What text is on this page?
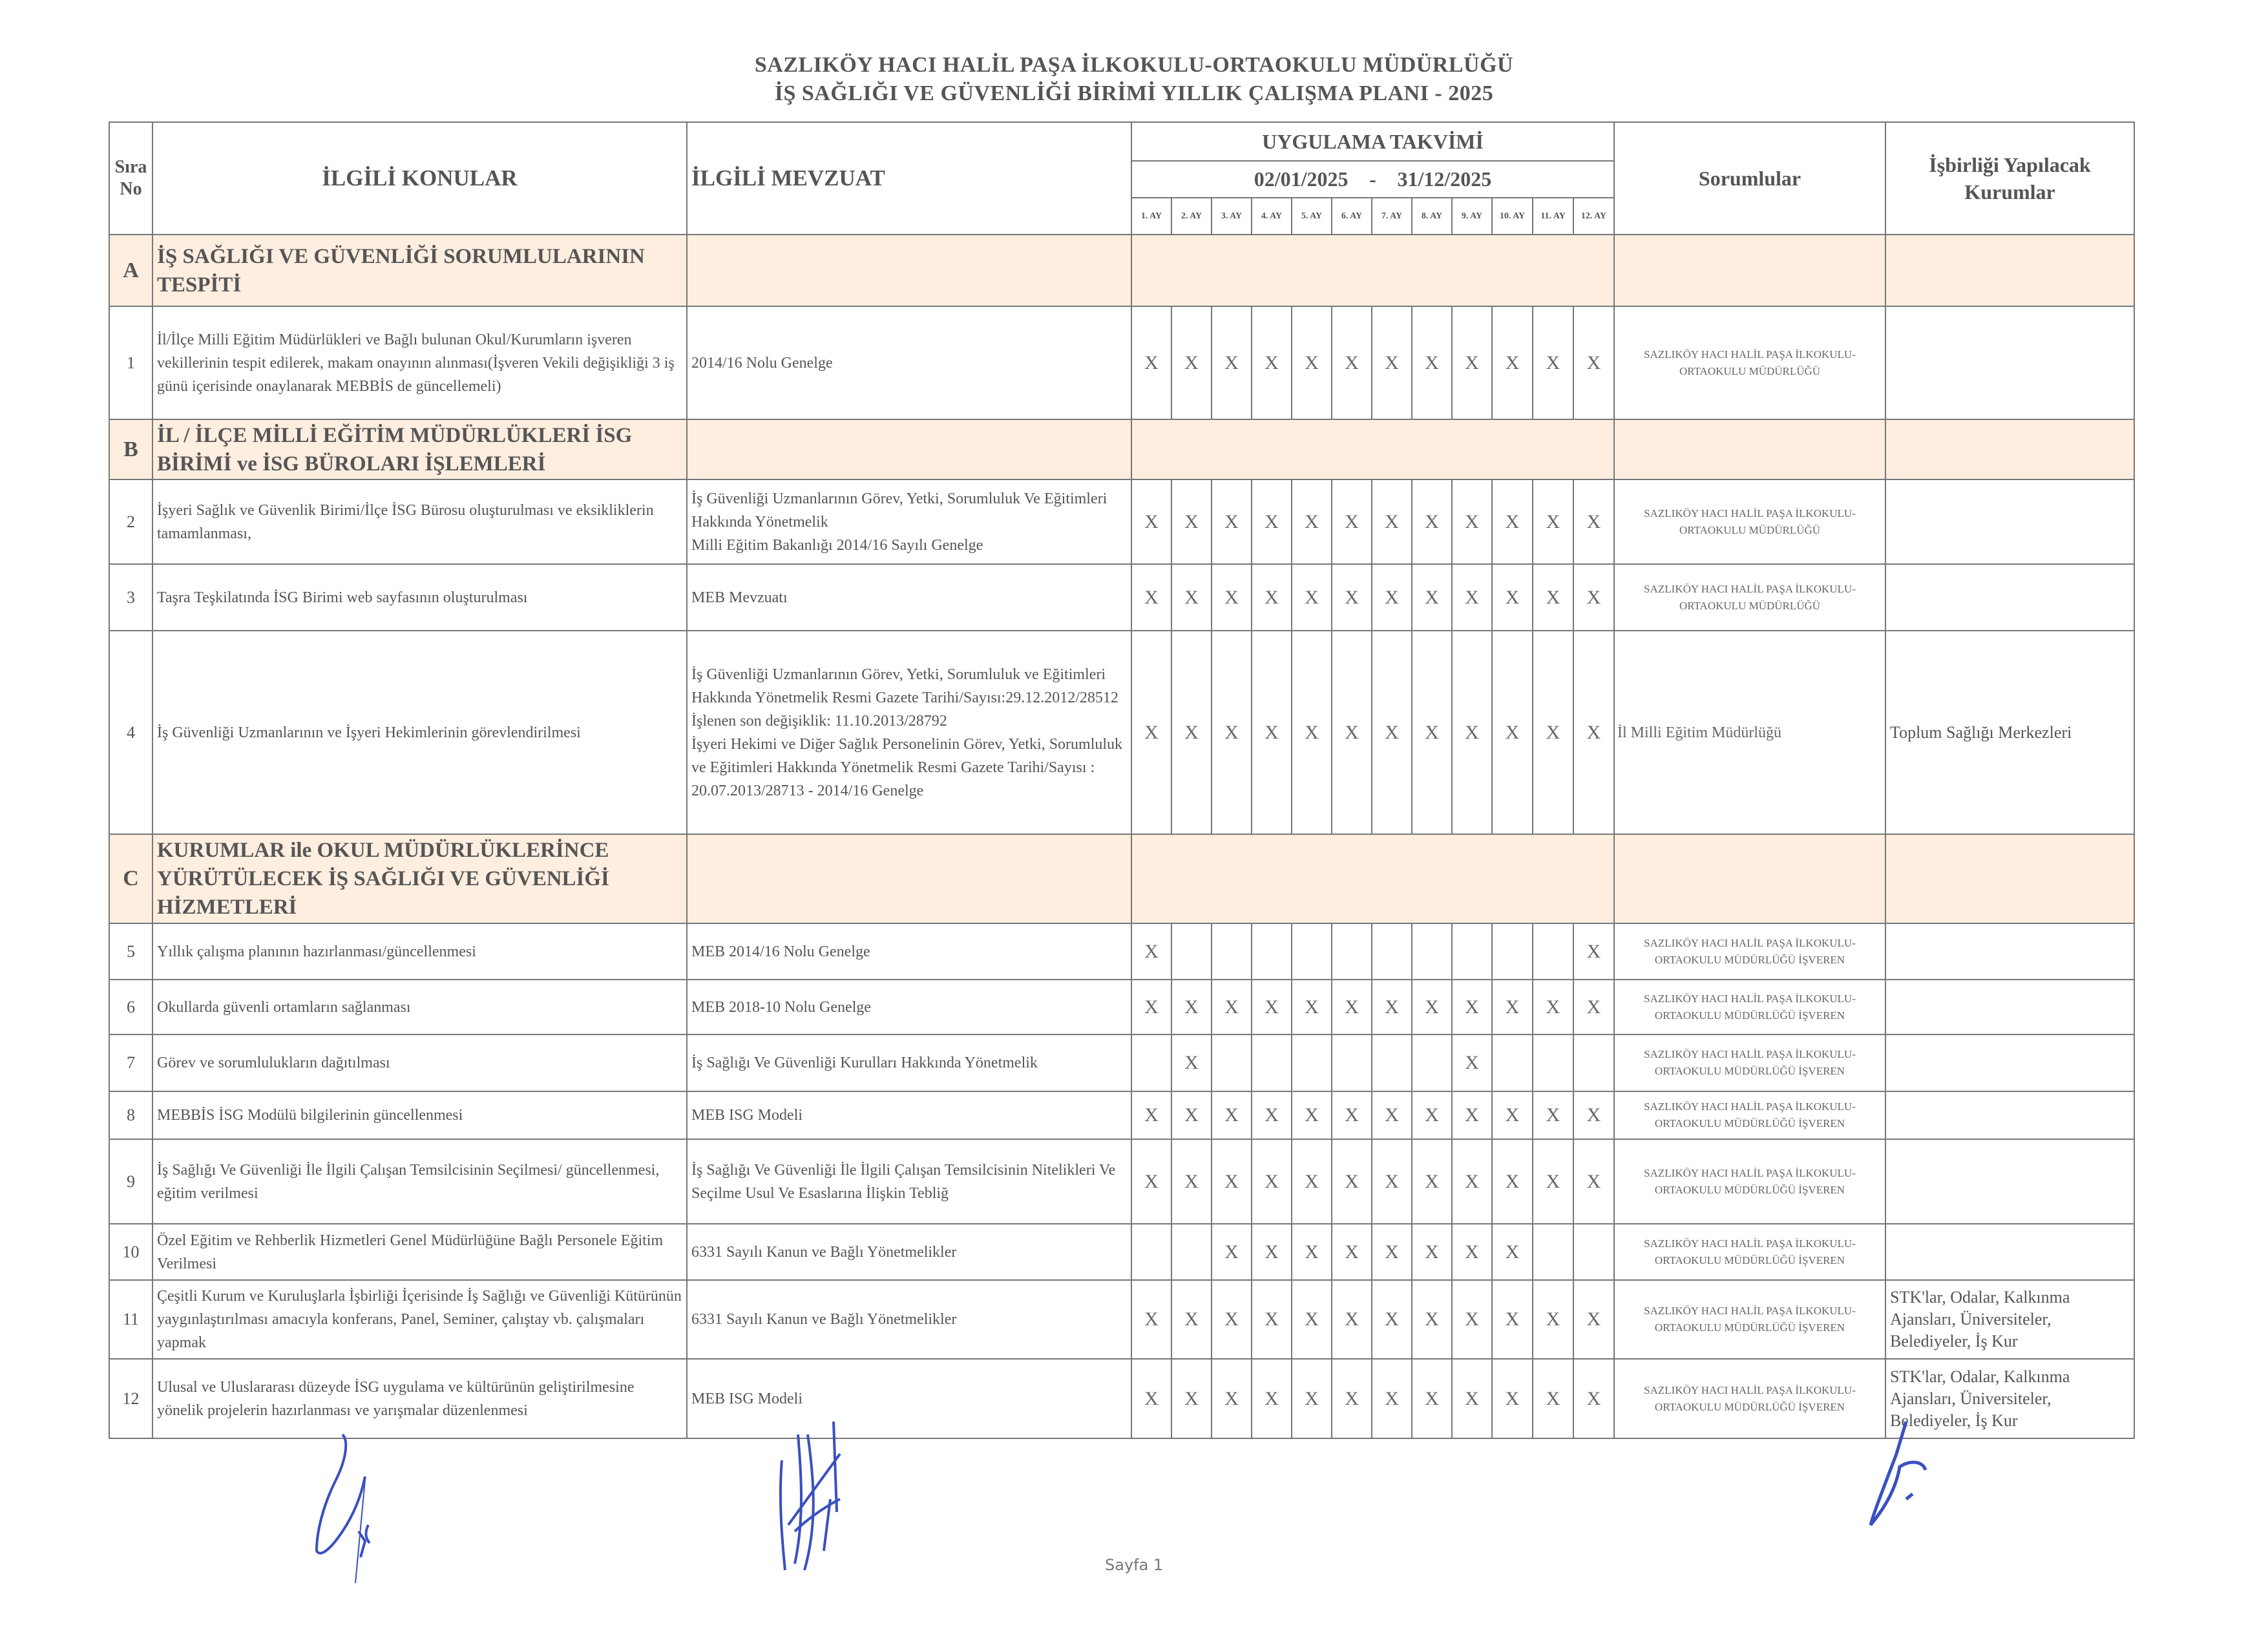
SAZLIKÖY HACI HALİL PAŞA İLKOKULU-ORTAOKULU MÜDÜRLÜĞÜ
İŞ SAĞLIĞI VE GÜVENLİĞİ BİRİMİ YILLIK ÇALIŞMA PLANI - 2025
Sıra No	İLGİLİ KONULAR	İLGİLİ MEVZUAT	UYGULAMA TAKVİMİ												Sorumlular	İşbirliği Yapılacak Kurumlar
			02/01/2025 - 31/12/2025													
			1. AY	2. AY	3. AY	4. AY	5. AY	6. AY	7. AY	8. AY	9. AY	10. AY	11. AY	12. AY		
A	İŞ SAĞLIĞI VE GÜVENLİĞİ SORUMLULARININ TESPİTİ															
1	İl/İlçe Milli Eğitim Müdürlükleri ve Bağlı bulunan Okul/Kurumların işveren vekillerinin tespit edilerek, makam onayının alınması(İşveren Vekili değişikliği 3 iş günü içerisinde onaylanarak MEBBİS de güncellemeli)	2014/16 Nolu Genelge	X	X	X	X	X	X	X	X	X	X	X	X	SAZLIKÖY HACI HALİL PAŞA İLKOKULU-ORTAOKULU MÜDÜRLÜĞÜ	
B	İL / İLÇE MİLLİ EĞİTİM MÜDÜRLÜKLERİ İSG BİRİMİ ve İSG BÜROLARI İŞLEMLERİ															
2	İşyeri Sağlık ve Güvenlik Birimi/İlçe İSG Bürosu oluşturulması ve eksikliklerin tamamlanması,	İş Güvenliği Uzmanlarının Görev, Yetki, Sorumluluk Ve Eğitimleri Hakkında Yönetmelik
Milli Eğitim Bakanlığı 2014/16 Sayılı Genelge	X	X	X	X	X	X	X	X	X	X	X	X	SAZLIKÖY HACI HALİL PAŞA İLKOKULU-ORTAOKULU MÜDÜRLÜĞÜ	
3	Taşra Teşkilatında İSG Birimi web sayfasının oluşturulması	MEB Mevzuatı	X	X	X	X	X	X	X	X	X	X	X	X	SAZLIKÖY HACI HALİL PAŞA İLKOKULU-ORTAOKULU MÜDÜRLÜĞÜ	
4	İş Güvenliği Uzmanlarının ve İşyeri Hekimlerinin görevlendirilmesi	İş Güvenliği Uzmanlarının Görev, Yetki, Sorumluluk ve Eğitimleri Hakkında Yönetmelik Resmi Gazete Tarihi/Sayısı:29.12.2012/28512
İşlenen son değişiklik: 11.10.2013/28792
İşyeri Hekimi ve Diğer Sağlık Personelinin Görev, Yetki, Sorumluluk ve Eğitimleri Hakkında Yönetmelik Resmi Gazete Tarihi/Sayısı : 20.07.2013/28713 - 2014/16 Genelge	X	X	X	X	X	X	X	X	X	X	X	X	İl Milli Eğitim Müdürlüğü	Toplum Sağlığı Merkezleri
C	KURUMLAR ile OKUL MÜDÜRLÜKLERİNCE YÜRÜTÜLECEK İŞ SAĞLIĞI VE GÜVENLİĞİ HİZMETLERİ															
5	Yıllık çalışma planının hazırlanması/güncellenmesi	MEB 2014/16 Nolu Genelge	X											X	SAZLIKÖY HACI HALİL PAŞA İLKOKULU-ORTAOKULU MÜDÜRLÜĞÜ İŞVEREN	
6	Okullarda güvenli ortamların sağlanması	MEB 2018-10 Nolu Genelge	X	X	X	X	X	X	X	X	X	X	X	X	SAZLIKÖY HACI HALİL PAŞA İLKOKULU-ORTAOKULU MÜDÜRLÜĞÜ İŞVEREN	
7	Görev ve sorumlulukların dağıtılması	İş Sağlığı Ve Güvenliği Kurulları Hakkında Yönetmelik		X							X				SAZLIKÖY HACI HALİL PAŞA İLKOKULU-ORTAOKULU MÜDÜRLÜĞÜ İŞVEREN	
8	MEBBİS İSG Modülü bilgilerinin güncellenmesi	MEB ISG Modeli	X	X	X	X	X	X	X	X	X	X	X	X	SAZLIKÖY HACI HALİL PAŞA İLKOKULU-ORTAOKULU MÜDÜRLÜĞÜ İŞVEREN	
9	İş Sağlığı Ve Güvenliği İle İlgili Çalışan Temsilcisinin Seçilmesi/ güncellenmesi, eğitim verilmesi	İş Sağlığı Ve Güvenliği İle İlgili Çalışan Temsilcisinin Nitelikleri Ve Seçilme Usul Ve Esaslarına İlişkin Tebliğ	X	X	X	X	X	X	X	X	X	X	X	X	SAZLIKÖY HACI HALİL PAŞA İLKOKULU-ORTAOKULU MÜDÜRLÜĞÜ İŞVEREN	
10	Özel Eğitim ve Rehberlik Hizmetleri Genel Müdürlüğüne Bağlı Personele Eğitim Verilmesi	6331 Sayılı Kanun ve Bağlı Yönetmelikler			X	X	X	X	X	X	X	X			SAZLIKÖY HACI HALİL PAŞA İLKOKULU-ORTAOKULU MÜDÜRLÜĞÜ İŞVEREN	
11	Çeşitli Kurum ve Kuruluşlarla İşbirliği İçerisinde İş Sağlığı ve Güvenliği Kütürünün yaygınlaştırılması amacıyla konferans, Panel, Seminer, çalıştay vb. çalışmaları yapmak	6331 Sayılı Kanun ve Bağlı Yönetmelikler	X	X	X	X	X	X	X	X	X	X	X	X	SAZLIKÖY HACI HALİL PAŞA İLKOKULU-ORTAOKULU MÜDÜRLÜĞÜ İŞVEREN	STK'lar, Odalar, Kalkınma Ajansları, Üniversiteler, Belediyeler, İş Kur
12	Ulusal ve Uluslararası düzeyde İSG uygulama ve kültürünün geliştirilmesine yönelik projelerin hazırlanması ve yarışmalar düzenlenmesi	MEB ISG Modeli	X	X	X	X	X	X	X	X	X	X	X	X	SAZLIKÖY HACI HALİL PAŞA İLKOKULU-ORTAOKULU MÜDÜRLÜĞÜ İŞVEREN	STK'lar, Odalar, Kalkınma Ajansları, Üniversiteler, Belediyeler, İş Kur
Sayfa 1
